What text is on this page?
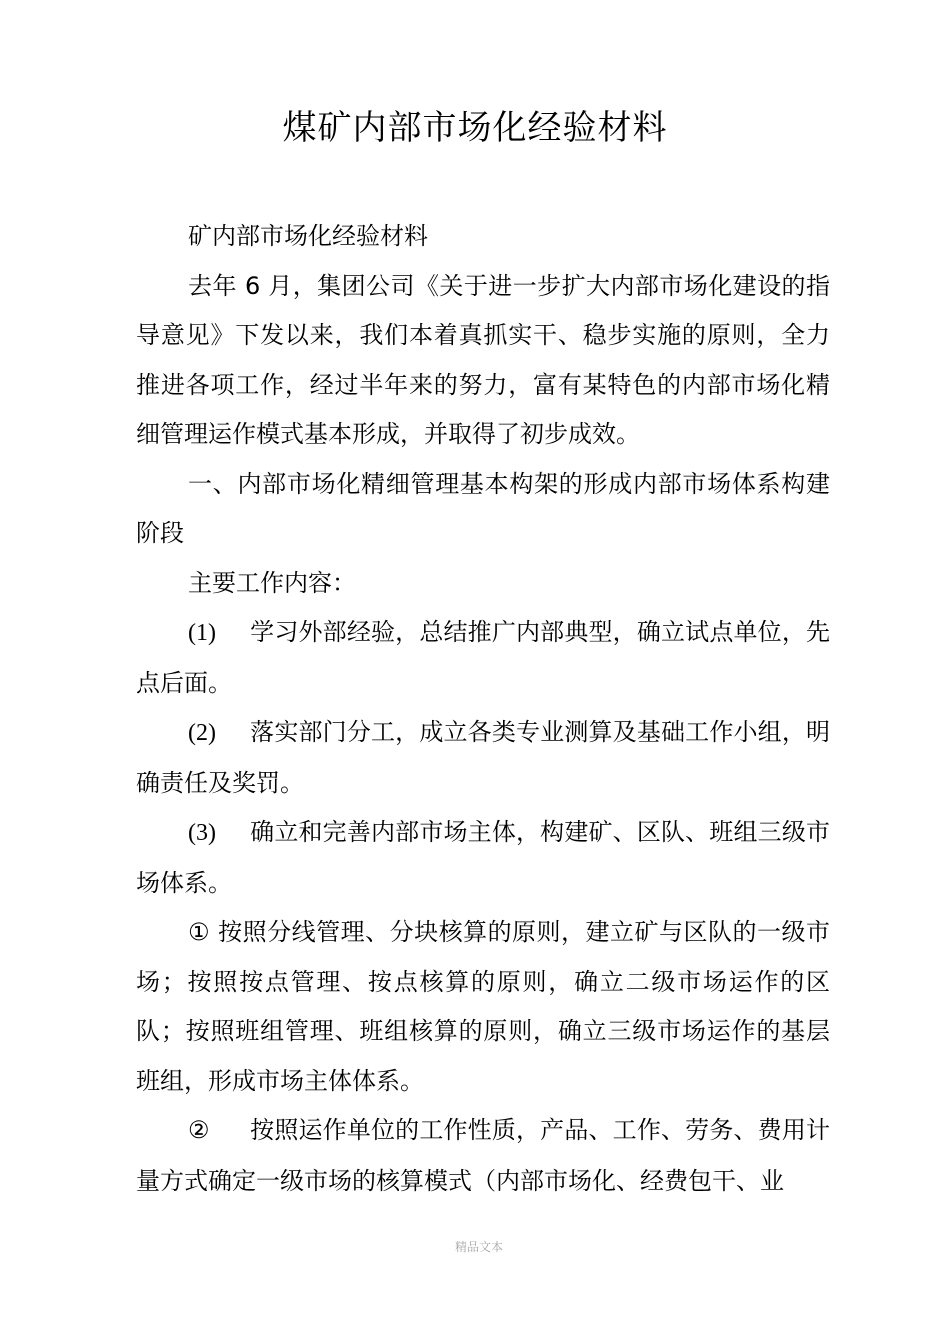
煤矿内部市场化经验材料

矿内部市场化经验材料

去年 6 月，集团公司《关于进一步扩大内部市场化建设的指导意见》下发以来，我们本着真抓实干、稳步实施的原则，全力推进各项工作，经过半年来的努力，富有某特色的内部市场化精细管理运作模式基本形成，并取得了初步成效。

一、内部市场化精细管理基本构架的形成内部市场体系构建阶段

主要工作内容：

(1) 学习外部经验，总结推广内部典型，确立试点单位，先点后面。

(2) 落实部门分工，成立各类专业测算及基础工作小组，明确责任及奖罚。

(3) 确立和完善内部市场主体，构建矿、区队、班组三级市场体系。

① 按照分线管理、分块核算的原则，建立矿与区队的一级市场；按照按点管理、按点核算的原则，确立二级市场运作的区队；按照班组管理、班组核算的原则，确立三级市场运作的基层班组，形成市场主体体系。

② 按照运作单位的工作性质，产品、工作、劳务、费用计量方式确定一级市场的核算模式（内部市场化、经费包干、业

精品文本
